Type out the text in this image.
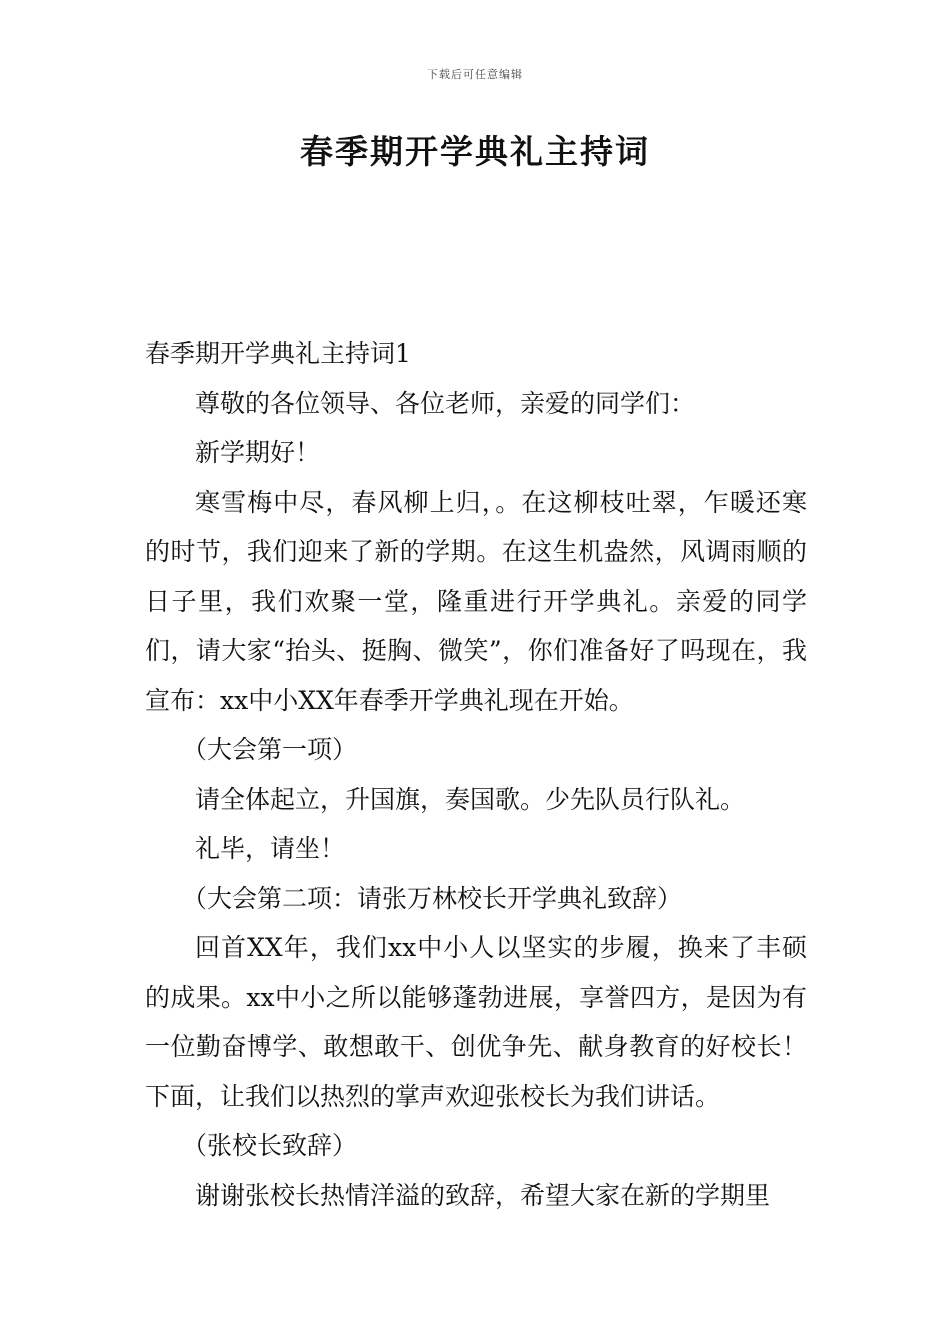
下载后可任意编辑
春季期开学典礼主持词

春季期开学典礼主持词1

尊敬的各位领导、各位老师，亲爱的同学们：

新学期好！

寒雪梅中尽，春风柳上归，。在这柳枝吐翠，乍暖还寒的时节，我们迎来了新的学期。在这生机盎然，风调雨顺的日子里，我们欢聚一堂，隆重进行开学典礼。亲爱的同学们，请大家“抬头、挺胸、微笑”，你们准备好了吗现在，我宣布：xx中小XX年春季开学典礼现在开始。

（大会第一项）

请全体起立，升国旗，奏国歌。少先队员行队礼。

礼毕，请坐！

（大会第二项：请张万林校长开学典礼致辞）

回首XX年，我们xx中小人以坚实的步履，换来了丰硕的成果。xx中小之所以能够蓬勃进展，享誉四方，是因为有一位勤奋博学、敢想敢干、创优争先、献身教育的好校长！下面，让我们以热烈的掌声欢迎张校长为我们讲话。

（张校长致辞）

谢谢张校长热情洋溢的致辞，希望大家在新的学期里
